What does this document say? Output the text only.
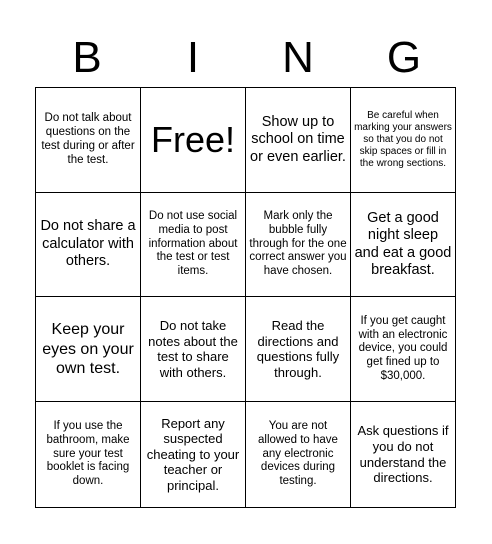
B	I	N	G
Do not talk about questions on the test during or after the test.	Free!	Show up to school on time or even earlier.	Be careful when marking your answers so that you do not skip spaces or fill in the wrong sections.
Do not share a calculator with others.	Do not use social media to post information about the test or test items.	Mark only the bubble fully through for the one correct answer you have chosen.	Get a good night sleep and eat a good breakfast.
Keep your eyes on your own test.	Do not take notes about the test to share with others.	Read the directions and questions fully through.	If you get caught with an electronic device, you could get fined up to $30,000.
If you use the bathroom, make sure your test booklet is facing down.	Report any suspected cheating to your teacher or principal.	You are not allowed to have any electronic devices during testing.	Ask questions if you do not understand the directions.
